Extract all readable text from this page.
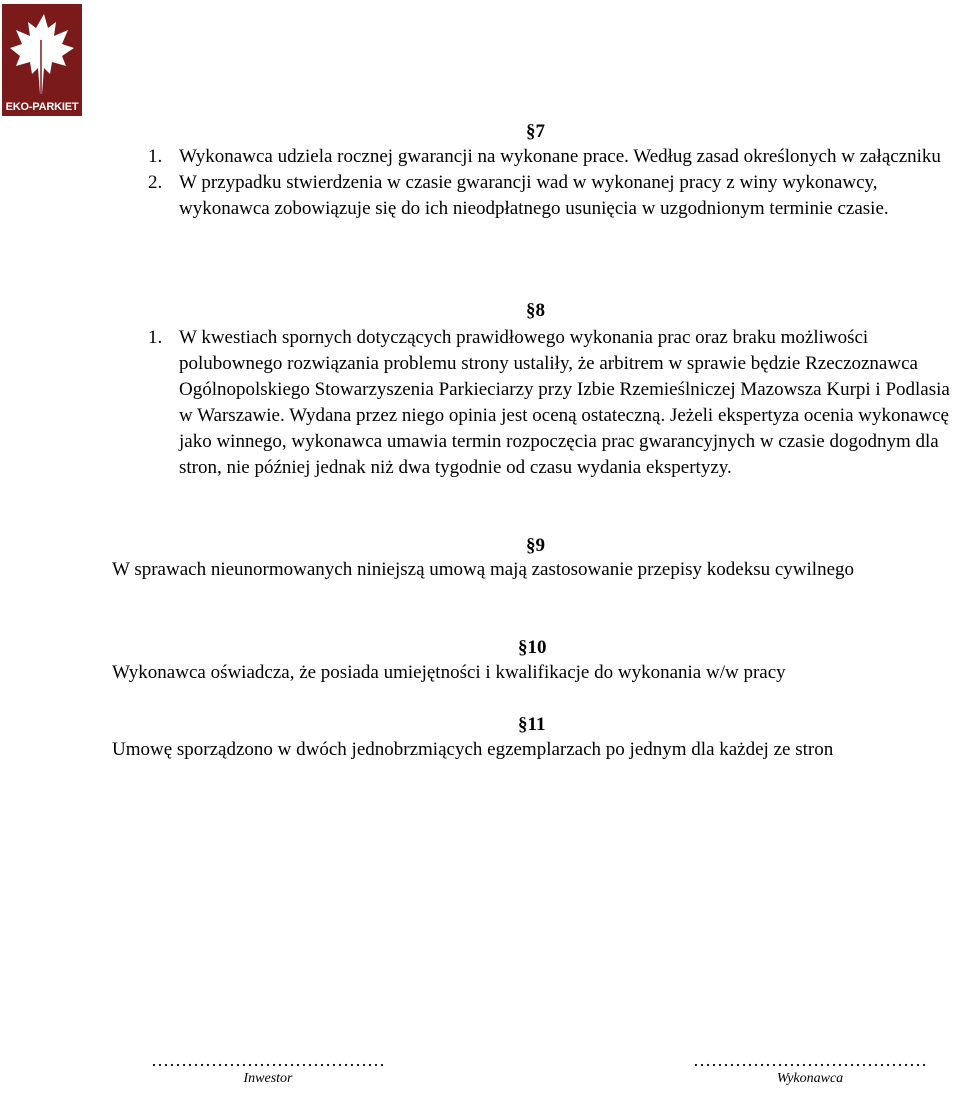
EKO-PARKIET
§7
1. Wykonawca udziela rocznej gwarancji na wykonane prace. Według zasad określonych w załączniku
2. W przypadku stwierdzenia w czasie gwarancji wad w wykonanej pracy z winy wykonawcy, wykonawca zobowiązuje się do ich nieodpłatnego usunięcia w uzgodnionym terminie czasie.
§8
1. W kwestiach spornych dotyczących prawidłowego wykonania prac oraz braku możliwości polubownego rozwiązania problemu strony ustaliły, że arbitrem w sprawie będzie Rzeczoznawca Ogólnopolskiego Stowarzyszenia Parkieciarzy przy Izbie Rzemieślniczej Mazowsza Kurpi i Podlasia w Warszawie. Wydana przez niego opinia jest oceną ostateczną. Jeżeli ekspertyza ocenia wykonawcę jako winnego, wykonawca umawia termin rozpoczęcia prac gwarancyjnych w czasie dogodnym dla stron, nie później jednak niż dwa tygodnie od czasu wydania ekspertyzy.
§9

W sprawach nieunormowanych niniejszą umową mają zastosowanie przepisy kodeksu cywilnego

§10

Wykonawca oświadcza, że posiada umiejętności i kwalifikacje do wykonania w/w pracy

§11

Umowę sporządzono w dwóch jednobrzmiących egzemplarzach po jednym dla każdej ze stron

…………………………………
Inwestor
…………………………………
Wykonawca
